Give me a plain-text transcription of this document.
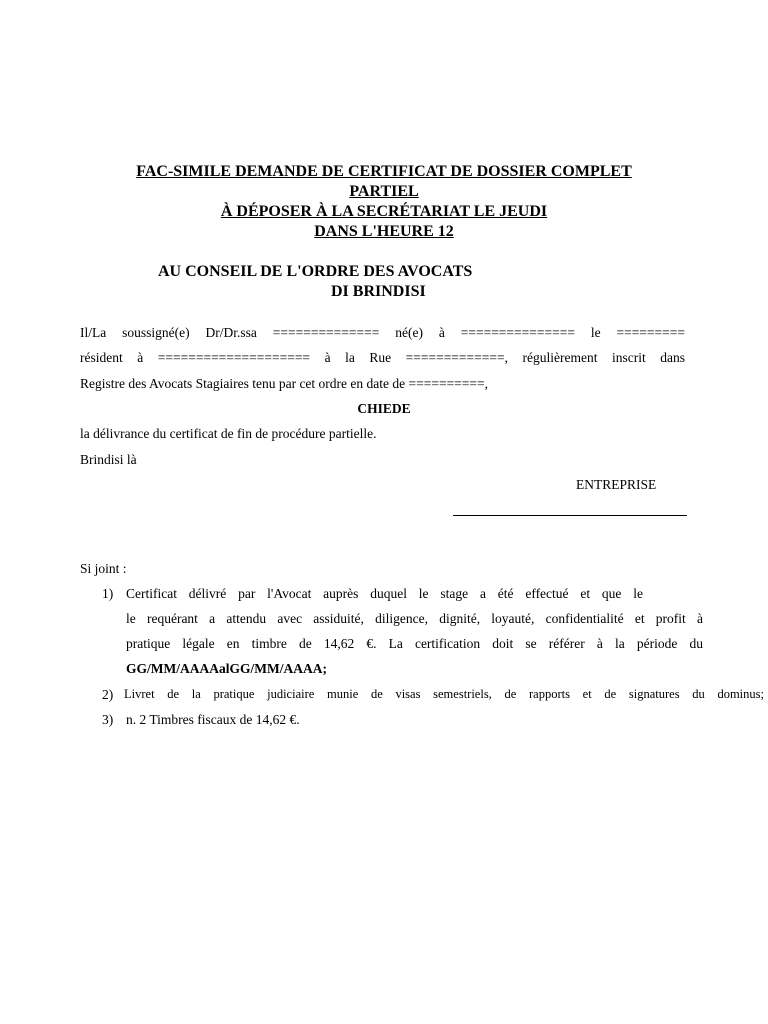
FAC-SIMILE DEMANDE DE CERTIFICAT DE DOSSIER COMPLET
PARTIEL
À DÉPOSER À LA SECRÉTARIAT LE JEUDI
DANS L'HEURE 12
AU CONSEIL DE L'ORDRE DES AVOCATS
DI BRINDISI
Il/La soussigné(e) Dr/Dr.ssa ============== né(e) à =============== le =========
résident à ==================== à la Rue =============, régulièrement inscrit dans
Registre des Avocats Stagiaires tenu par cet ordre en date de ==========,
CHIEDE
la délivrance du certificat de fin de procédure partielle.
Brindisi là
ENTREPRISE
Si joint :
1) Certificat délivré par l'Avocat auprès duquel le stage a été effectué et que le
le requérant a attendu avec assiduité, diligence, dignité, loyauté, confidentialité et profit à
pratique légale en timbre de 14,62 €. La certification doit se référer à la période du
GG/MM/AAAAalGG/MM/AAAA;
2) Livret de la pratique judiciaire munie de visas semestriels, de rapports et de signatures du dominus;
3) n. 2 Timbres fiscaux de 14,62 €.
